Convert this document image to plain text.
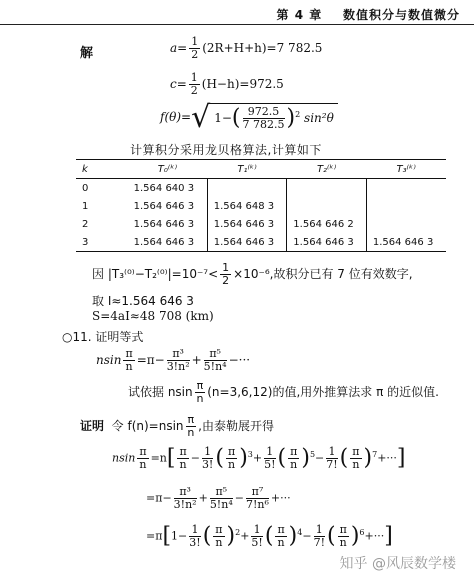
第 4 章 数值积分与数值微分
解	$a= \frac{1}{2} (2R+H+h)=7$ 782.5
$c= \frac{1}{2} (H-h)=972.5$
f(θ)=√ $1-( \frac{972.5}{7 782.5} )^2$ sin²θ
计算积分采用龙贝格算法,计算如下
k	T₀⁽ᵏ⁾	T₁⁽ᵏ⁾	T₂⁽ᵏ⁾	T₃⁽ᵏ⁾
0	1.564 640 3			
1	1.564 646 3	1.564 648 3		
2	1.564 646 3	1.564 646 3	1.564 646 2	
3	1.564 646 3	1.564 646 3	1.564 646 3	1.564 646 3
因 $|T_3^{(0)}-T_2^{(0)}|=10^{-7}< \frac{1}{2} \times 10^{-6}$,故积分已有 7 位有效数字,
取 I≈1.564 646 3
S=4aI≈48 708 (km)
○11. 证明等式
nsin $\frac{\pi}{n} =\pi- \frac{\text{π³}}{\text{3!n²}} + \frac{\text{π⁵}}{\text{5!n⁴}}$ −···
试依据 nsin $\frac{\pi}{n} (n=3,6,12)$的值,用外推算法求 π 的近似值.
证明 令 $f(n)=nsin \frac{\pi}{n}$ ,由泰勒展开得
nsin $\frac{\pi}{n} =n[ \frac{\pi}{n} - \frac{1}{3!}$ ( $\frac{\pi}{n} )^3+ \frac{1}{5!}$ ( $\frac{\pi}{n} )^5- \frac{1}{7!}$ ( $\frac{\pi}{n} )^7+\cdot\cdot\cdot$]
$=\pi- \frac{\text{π³}}{\text{3!n²}} + \frac{\text{π⁵}}{\text{5!n⁴}} - \frac{\text{π⁷}}{\text{7!n⁶}}$ +···
$=\pi[1- \frac{1}{3!}$ ( $\frac{\pi}{n} )^2+ \frac{1}{5!}$ ( $\frac{\pi}{n} )^4- \frac{1}{7!}$ ( $\frac{\pi}{n} )^6+\cdot\cdot\cdot$]
知乎 @风辰数学楼
